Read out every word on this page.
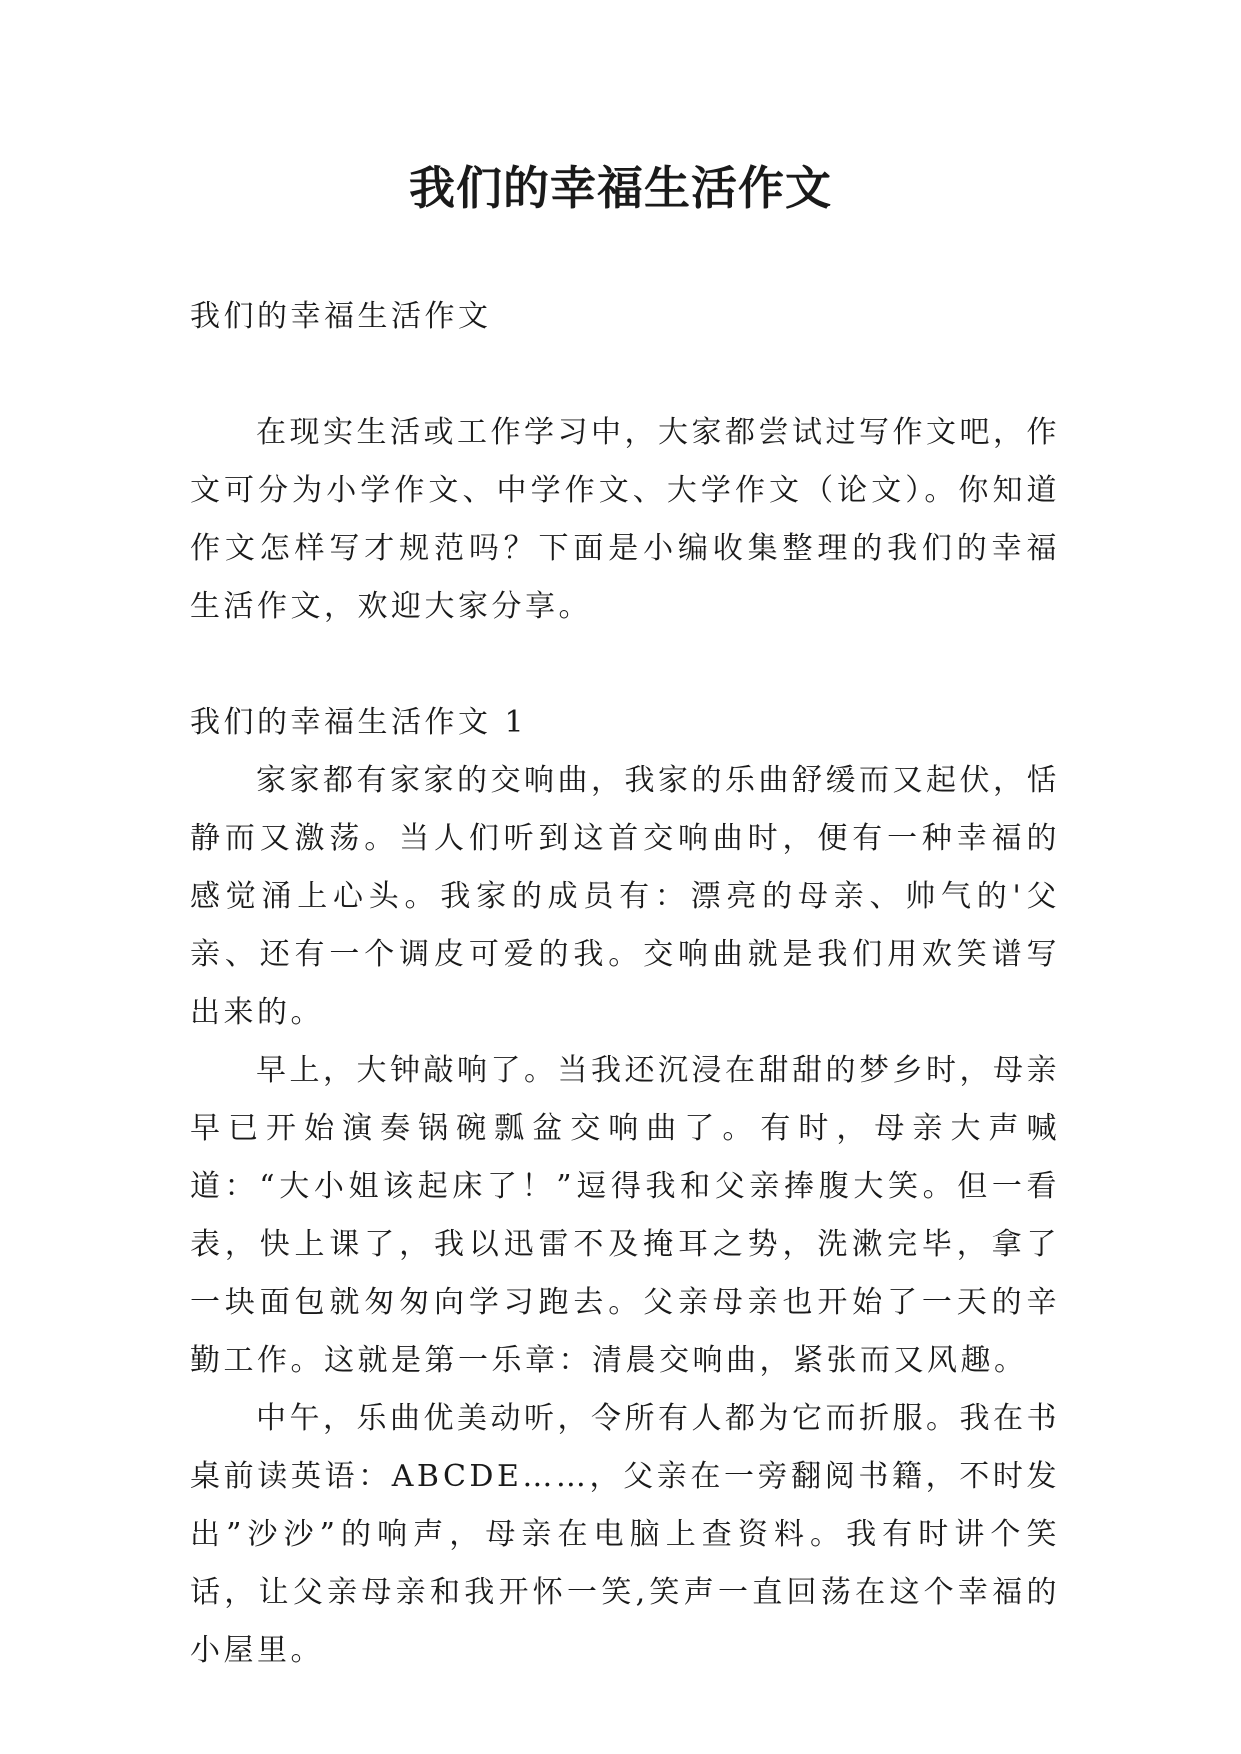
我们的幸福生活作文

我们的幸福生活作文

在现实生活或工作学习中，大家都尝试过写作文吧，作文可分为小学作文、中学作文、大学作文（论文）。你知道作文怎样写才规范吗？下面是小编收集整理的我们的幸福生活作文，欢迎大家分享。

我们的幸福生活作文 1

家家都有家家的交响曲，我家的乐曲舒缓而又起伏，恬静而又激荡。当人们听到这首交响曲时，便有一种幸福的感觉涌上心头。我家的成员有：漂亮的母亲、帅气的'父亲、还有一个调皮可爱的我。交响曲就是我们用欢笑谱写出来的。

早上，大钟敲响了。当我还沉浸在甜甜的梦乡时，母亲早已开始演奏锅碗瓢盆交响曲了。有时，母亲大声喊道：“大小姐该起床了！”逗得我和父亲捧腹大笑。但一看表，快上课了，我以迅雷不及掩耳之势，洗漱完毕，拿了一块面包就匆匆向学习跑去。父亲母亲也开始了一天的辛勤工作。这就是第一乐章：清晨交响曲，紧张而又风趣。

中午，乐曲优美动听，令所有人都为它而折服。我在书桌前读英语：ABCDE……，父亲在一旁翻阅书籍，不时发出”沙沙”的响声，母亲在电脑上查资料。我有时讲个笑话，让父亲母亲和我开怀一笑,笑声一直回荡在这个幸福的小屋里。
